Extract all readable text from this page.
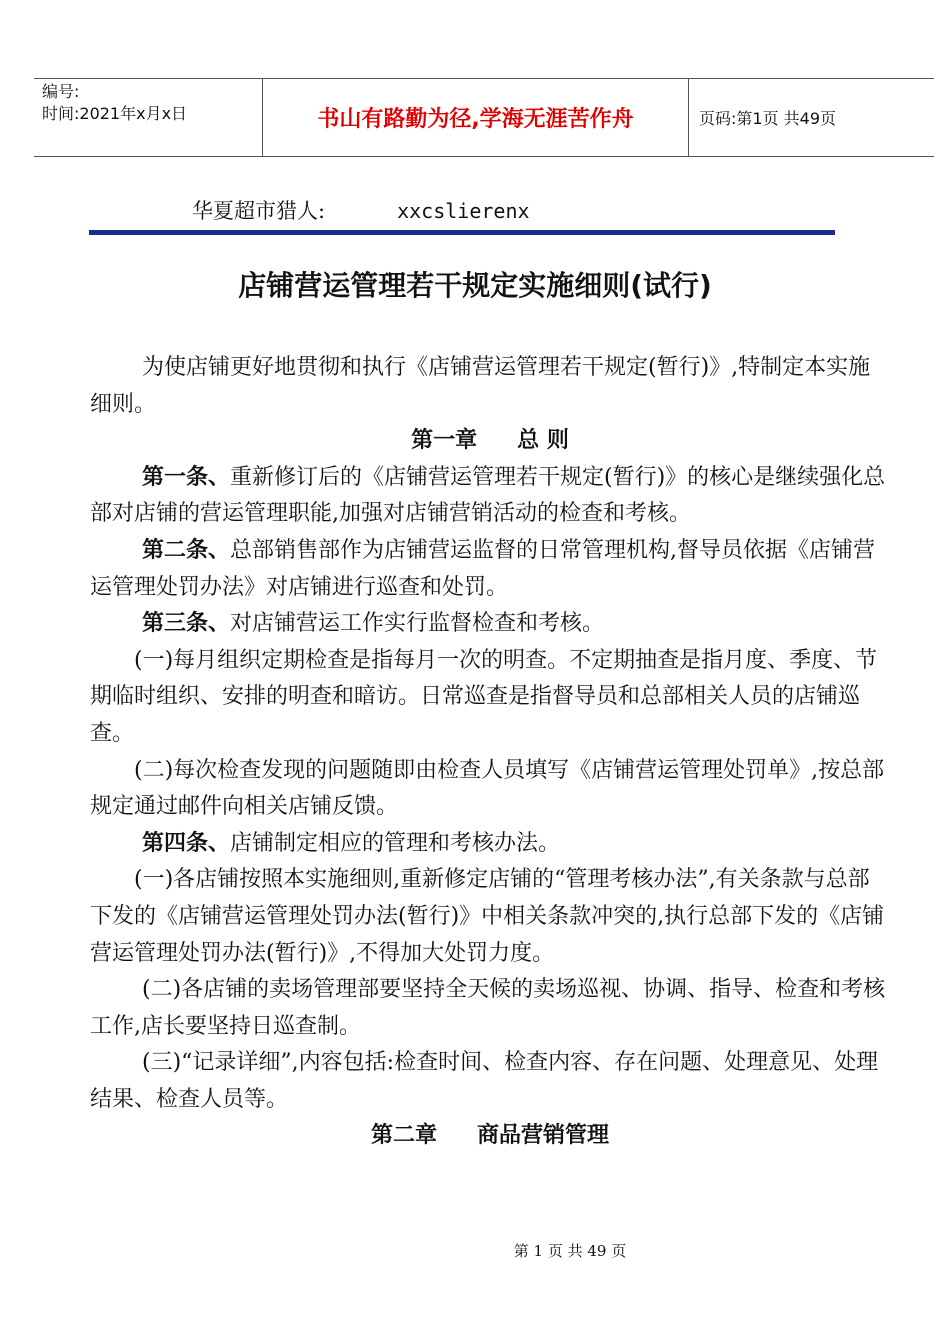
编号:
时间:2021年x月x日	书山有路勤为径,学海无涯苦作舟	页码:第1页 共49页
华夏超市猎人:	xxcslierenx
店铺营运管理若干规定实施细则(试行)

为使店铺更好地贯彻和执行《店铺营运管理若干规定(暂行)》,特制定本实施细则。

第一章 总 则

第一条、重新修订后的《店铺营运管理若干规定(暂行)》的核心是继续强化总部对店铺的营运管理职能,加强对店铺营销活动的检查和考核。

第二条、总部销售部作为店铺营运监督的日常管理机构,督导员依据《店铺营运管理处罚办法》对店铺进行巡查和处罚。

第三条、对店铺营运工作实行监督检查和考核。

(一)每月组织定期检查是指每月一次的明查。不定期抽查是指月度、季度、节期临时组织、安排的明查和暗访。日常巡查是指督导员和总部相关人员的店铺巡查。

(二)每次检查发现的问题随即由检查人员填写《店铺营运管理处罚单》,按总部规定通过邮件向相关店铺反馈。

第四条、店铺制定相应的管理和考核办法。

(一)各店铺按照本实施细则,重新修定店铺的“管理考核办法”,有关条款与总部下发的《店铺营运管理处罚办法(暂行)》中相关条款冲突的,执行总部下发的《店铺营运管理处罚办法(暂行)》,不得加大处罚力度。

(二)各店铺的卖场管理部要坚持全天候的卖场巡视、协调、指导、检查和考核工作,店长要坚持日巡查制。

(三)“记录详细”,内容包括:检查时间、检查内容、存在问题、处理意见、处理结果、检查人员等。

第二章 商品营销管理

第 1 页 共 49 页
